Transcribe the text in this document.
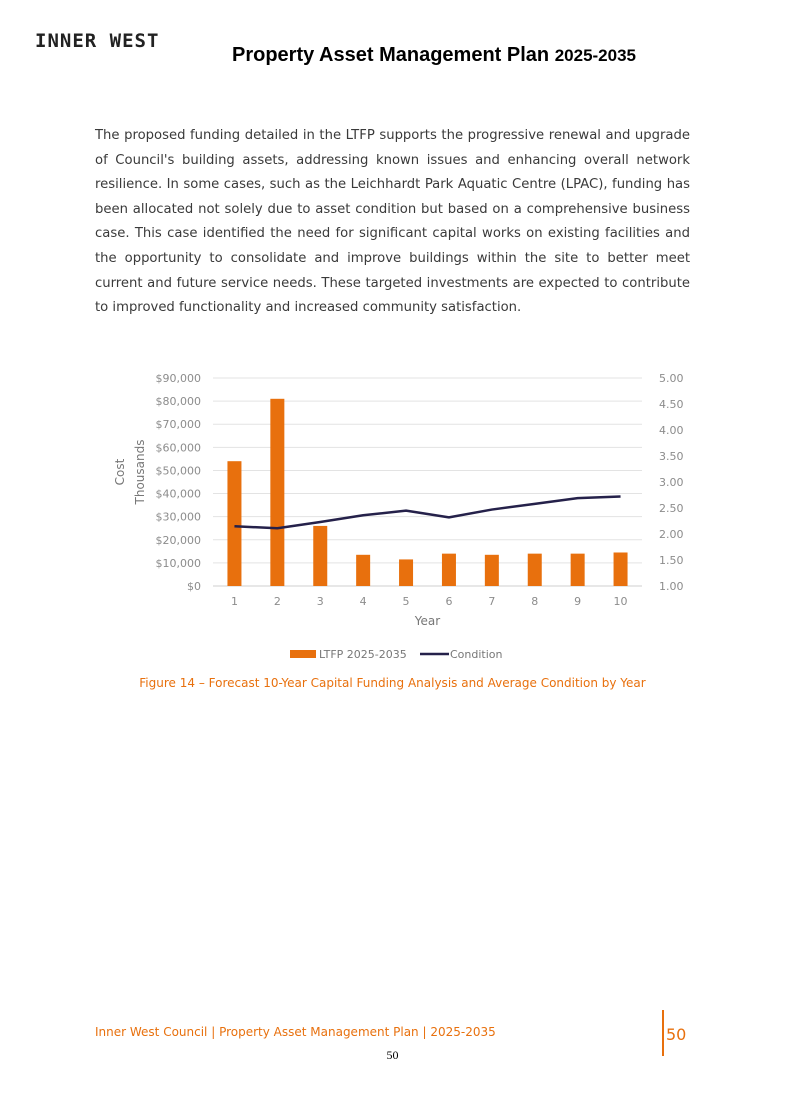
INNER WEST
Property Asset Management Plan 2025-2035

The proposed funding detailed in the LTFP supports the progressive renewal and upgrade of Council's building assets, addressing known issues and enhancing overall network resilience. In some cases, such as the Leichhardt Park Aquatic Centre (LPAC), funding has been allocated not solely due to asset condition but based on a comprehensive business case. This case identified the need for significant capital works on existing facilities and the opportunity to consolidate and improve buildings within the site to better meet current and future service needs. These targeted investments are expected to contribute to improved functionality and increased community satisfaction.

$0
$10,000
$20,000
$30,000
$40,000
$50,000
$60,000
$70,000
$80,000
$90,000
1.00
1.50
2.00
2.50
3.00
3.50
4.00
4.50
5.00
1	2	3	4	5	6	7	8	9	10
Year
Cost Thousands
LTFP 2025-2035	Condition
Figure 14 – Forecast 10-Year Capital Funding Analysis and Average Condition by Year
Inner West Council | Property Asset Management Plan | 2025-2035	50
50
